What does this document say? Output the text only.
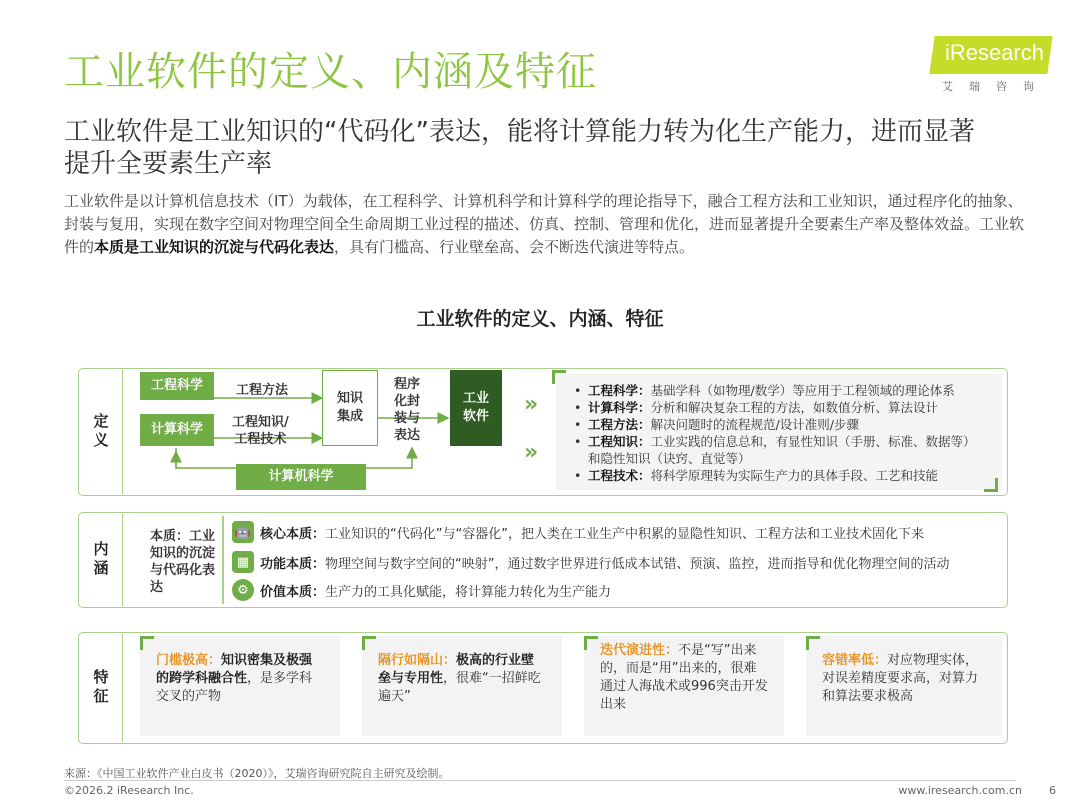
工业软件的定义、内涵及特征	iResearch
艾瑞咨询
工业软件是工业知识的“代码化”表达，能将计算能力转为化生产能力，进而显著提升全要素生产率
工业软件是以计算机信息技术（IT）为载体，在工程科学、计算机科学和计算科学的理论指导下，融合工程方法和工业知识，通过程序化的抽象、封装与复用，实现在数字空间对物理空间全生命周期工业过程的描述、仿真、控制、管理和优化，进而显著提升全要素生产率及整体效益。工业软件的本质是工业知识的沉淀与代码化表达，具有门槛高、行业壁垒高、会不断迭代演进等特点。
工业软件的定义、内涵、特征
定义
工程科学
计算科学
工程方法
工程知识/
工程技术
计算机科学
知识
集成
程序
化封
装与
表达
工业
软件	»
»
• 工程科学：基础学科（如物理/数学）等应用于工程领域的理论体系
• 计算科学：分析和解决复杂工程的方法，如数值分析、算法设计
• 工程方法：解决问题时的流程规范/设计准则/步骤
• 工程知识：工业实践的信息总和，有显性知识（手册、标准、数据等）和隐性知识（诀窍、直觉等）
• 工程技术：将科学原理转为实际生产力的具体手段、工艺和技能
内涵
本质：工业知识的沉淀与代码化表达
🤖 核心本质： 工业知识的“代码化”与“容器化”，把人类在工业生产中积累的显隐性知识、工程方法和工业技术固化下来
▦ 功能本质： 物理空间与数字空间的“映射”，通过数字世界进行低成本试错、预演、监控，进而指导和优化物理空间的活动
⚙ 价值本质： 生产力的工具化赋能，将计算能力转化为生产能力
特征
门槛极高：知识密集及极强的跨学科融合性，是多学科交叉的产物
隔行如隔山：极高的行业壁垒与专用性，很难“一招鲜吃遍天”
迭代演进性：不是“写”出来的，而是“用”出来的，很难通过人海战术或996突击开发出来
容错率低：对应物理实体，对误差精度要求高，对算力和算法要求极高
来源：《中国工业软件产业白皮书（2020）》，艾瑞咨询研究院自主研究及绘制。
©2026.2 iResearch Inc.	www.iresearch.com.cn 6
